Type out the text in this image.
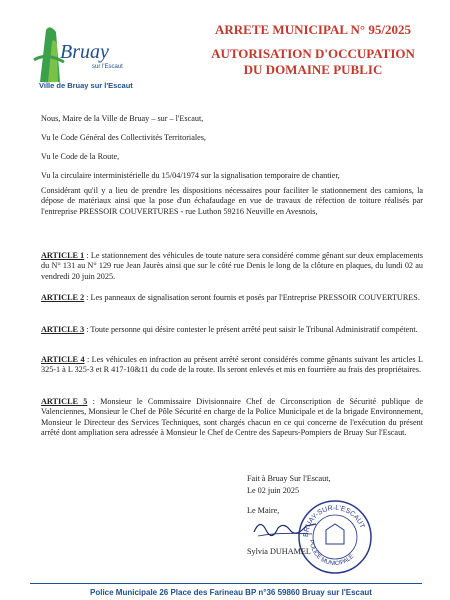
Bruay
sur l'Escaut
Ville de Bruay sur l'Escaut
ARRETE MUNICIPAL N° 95/2025
AUTORISATION D'OCCUPATION
DU DOMAINE PUBLIC
Nous, Maire de la Ville de Bruay – sur – l'Escaut,
Vu le Code Général des Collectivités Territoriales,
Vu le Code de la Route,
Vu la circulaire interministérielle du 15/04/1974 sur la signalisation temporaire de chantier,
Considérant qu'il y a lieu de prendre les dispositions nécessaires pour faciliter le stationnement des camions, la dépose de matériaux ainsi que la pose d'un échafaudage en vue de travaux de réfection de toiture réalisés par l'entreprise PRESSOIR COUVERTURES - rue Luthon 59216 Neuville en Avesnois,
ARTICLE 1 : Le stationnement des véhicules de toute nature sera considéré comme gênant sur deux emplacements du N° 131 au N° 129 rue Jean Jaurès ainsi que sur le côté rue Denis le long de la clôture en plaques, du lundi 02 au vendredi 20 juin 2025.
ARTICLE 2 : Les panneaux de signalisation seront fournis et posés par l'Entreprise PRESSOIR COUVERTURES.
ARTICLE 3 : Toute personne qui désire contester le présent arrêté peut saisir le Tribunal Administratif compétent.
ARTICLE 4 : Les véhicules en infraction au présent arrêté seront considérés comme gênants suivant les articles L 325-1 à L 325-3 et R 417-10&11 du code de la route. Ils seront enlevés et mis en fourrière au frais des propriétaires.
ARTICLE 5 : Monsieur le Commissaire Divisionnaire Chef de Circonscription de Sécurité publique de Valenciennes, Monsieur le Chef de Pôle Sécurité en charge de la Police Municipale et de la brigade Environnement, Monsieur le Directeur des Services Techniques, sont chargés chacun en ce qui concerne de l'exécution du présent arrêté dont ampliation sera adressée à Monsieur le Chef de Centre des Sapeurs-Pompiers de Bruay Sur l'Escaut.
Fait à Bruay Sur l'Escaut,
Le 02 juin 2025
Le Maire,
BRUAY-SUR-L'ESCAUT
POLICE MUNICIPALE
Sylvia DUHAMEL
Police Municipale 26 Place des Farineau BP n°36 59860 Bruay sur l'Escaut
